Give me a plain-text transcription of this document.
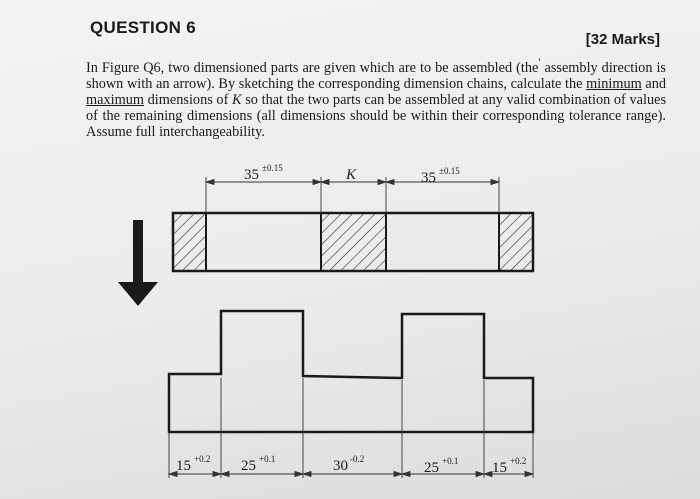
QUESTION 6
[32 Marks]
In Figure Q6, two dimensioned parts are given which are to be assembled (the' assembly direction is shown with an arrow). By sketching the corresponding dimension chains, calculate the minimum and maximum dimensions of K so that the two parts can be assembled at any valid combination of values of the remaining dimensions (all dimensions should be within their corresponding tolerance range). Assume full interchangeability.
35 ±0.15	K	35 ±0.15
15 +0.2 25 +0.1	30 -0.2
25 +0.1 15 +0.2
